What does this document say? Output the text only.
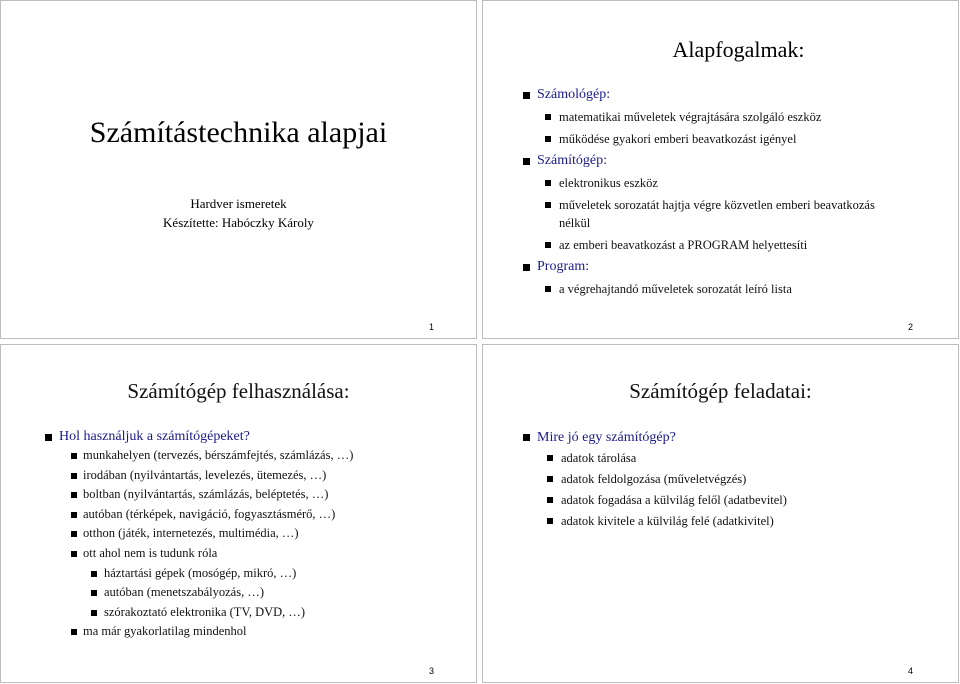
Számítástechnika alapjai
Hardver ismeretek
Készítette: Habóczky Károly
1
Alapfogalmak:
Számológép:
matematikai műveletek végrajtására szolgáló eszköz
működése gyakori emberi beavatkozást igényel
Számítógép:
elektronikus eszköz
műveletek sorozatát hajtja végre közvetlen emberi beavatkozás nélkül
az emberi beavatkozást a PROGRAM helyettesíti
Program:
a végrehajtandó műveletek sorozatát leíró lista
2
Számítógép felhasználása:
Hol használjuk a számítógépeket?
munkahelyen (tervezés, bérszámfejtés, számlázás, …)
irodában (nyilvántartás, levelezés, ütemezés, …)
boltban (nyilvántartás, számlázás, beléptetés, …)
autóban (térképek, navigáció, fogyasztásmérő, …)
otthon (játék, internetezés, multimédia, …)
ott ahol nem is tudunk róla
háztartási gépek (mosógép, mikró, …)
autóban (menetszabályozás, …)
szórakoztató elektronika (TV, DVD, …)
ma már gyakorlatilag mindenhol
3
Számítógép feladatai:
Mire jó egy számítógép?
adatok tárolása
adatok feldolgozása (műveletvégzés)
adatok fogadása a külvilág felől (adatbevitel)
adatok kivitele a külvilág felé (adatkivitel)
4
